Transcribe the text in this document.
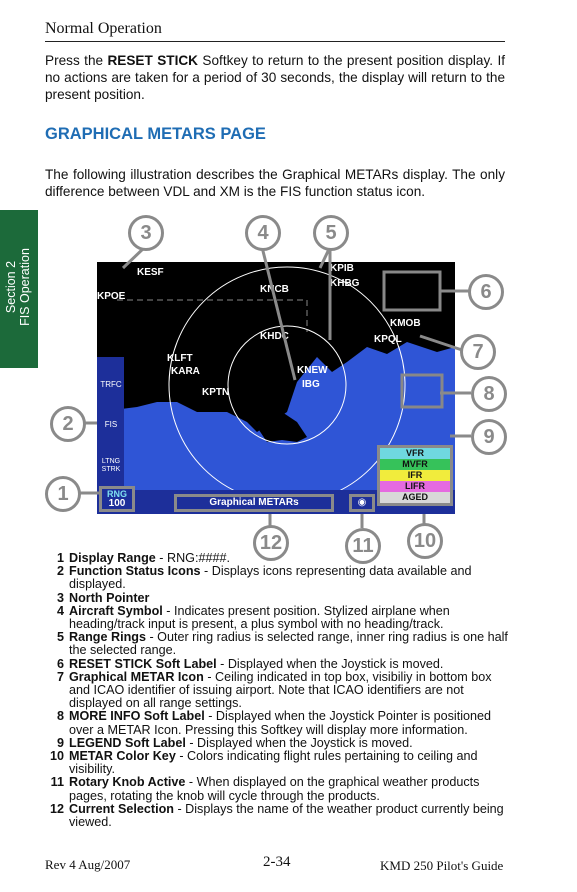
Normal Operation

Press the RESET STICK Softkey to return to the present position display. If no actions are taken for a period of 30 seconds, the display will return to the present position.

GRAPHICAL METARS PAGE

The following illustration describes the Graphical METARs display. The only difference between VDL and XM is the FIS function status icon.

Section 2 FIS Operation	KESF
KPOE
KNCB
KPIB
KHBG
KMOB
KPQL
KHDC
KLFT
KARA	KNEW
IBG
KPTN
TRFC
FIS
LTNG
STRK
RNG
100	Graphical METARs	◉
VFR
MVFR
IFR
LIFR
AGED
3	4	5
6
7
8
9
2
1
12	11	10
1 Display Range - RNG:####.
2 Function Status Icons - Displays icons representing data available and displayed.
3 North Pointer
4 Aircraft Symbol - Indicates present position. Stylized airplane when heading/track input is present, a plus symbol with no heading/track.
5 Range Rings - Outer ring radius is selected range, inner ring radius is one half the selected range.
6 RESET STICK Soft Label - Displayed when the Joystick is moved.
7 Graphical METAR Icon - Ceiling indicated in top box, visibiliy in bottom box and ICAO identifier of issuing airport. Note that ICAO identifiers are not displayed on all range settings.
8 MORE INFO Soft Label - Displayed when the Joystick Pointer is positioned over a METAR Icon. Pressing this Softkey will display more information.
9 LEGEND Soft Label - Displayed when the Joystick is moved.
10 METAR Color Key - Colors indicating flight rules pertaining to ceiling and visibility.
11 Rotary Knob Active - When displayed on the graphical weather products pages, rotating the knob will cycle through the products.
12 Current Selection - Displays the name of the weather product currently being viewed.
Rev 4 Aug/2007	2-34	KMD 250 Pilot's Guide
